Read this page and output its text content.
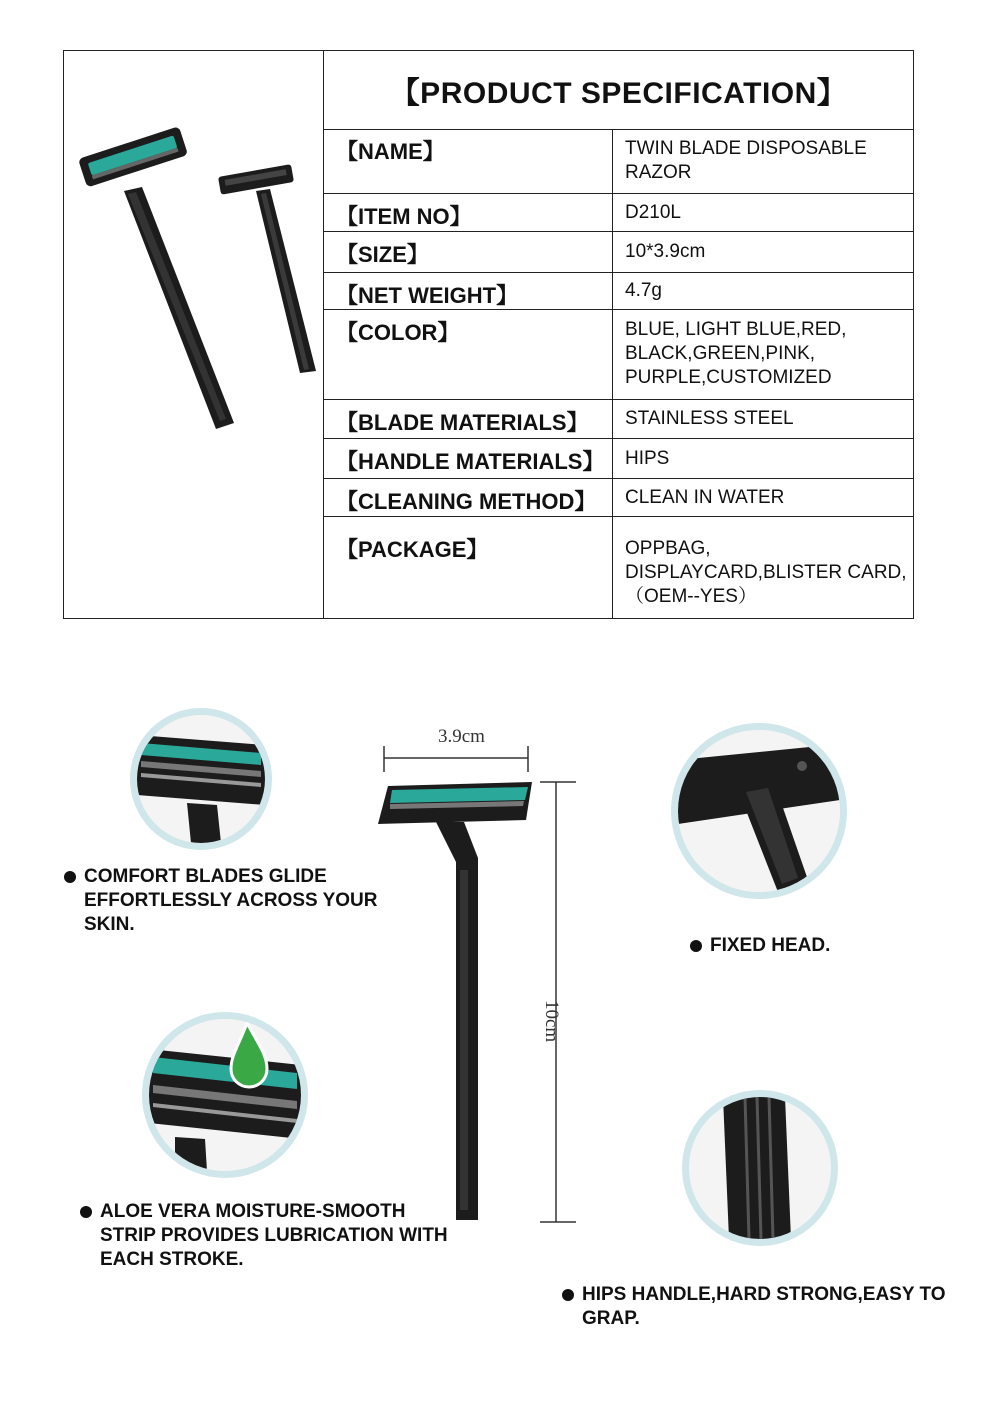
【PRODUCT SPECIFICATION】
【NAME】	TWIN BLADE DISPOSABLE RAZOR
【ITEM NO】	D210L
【SIZE】	10*3.9cm
【NET WEIGHT】	4.7g
【COLOR】	BLUE, LIGHT BLUE,RED, BLACK,GREEN,PINK, PURPLE,CUSTOMIZED
【BLADE MATERIALS】	STAINLESS STEEL
【HANDLE MATERIALS】	HIPS
【CLEANING METHOD】	CLEAN IN WATER
【PACKAGE】	OPPBAG, DISPLAYCARD,BLISTER CARD, （OEM--YES）
COMFORT BLADES GLIDE EFFORTLESSLY ACROSS YOUR SKIN.
ALOE VERA MOISTURE-SMOOTH STRIP PROVIDES LUBRICATION WITH EACH STROKE.
3.9cm
10cm
FIXED HEAD.
HIPS HANDLE,HARD STRONG,EASY TO GRAP.
